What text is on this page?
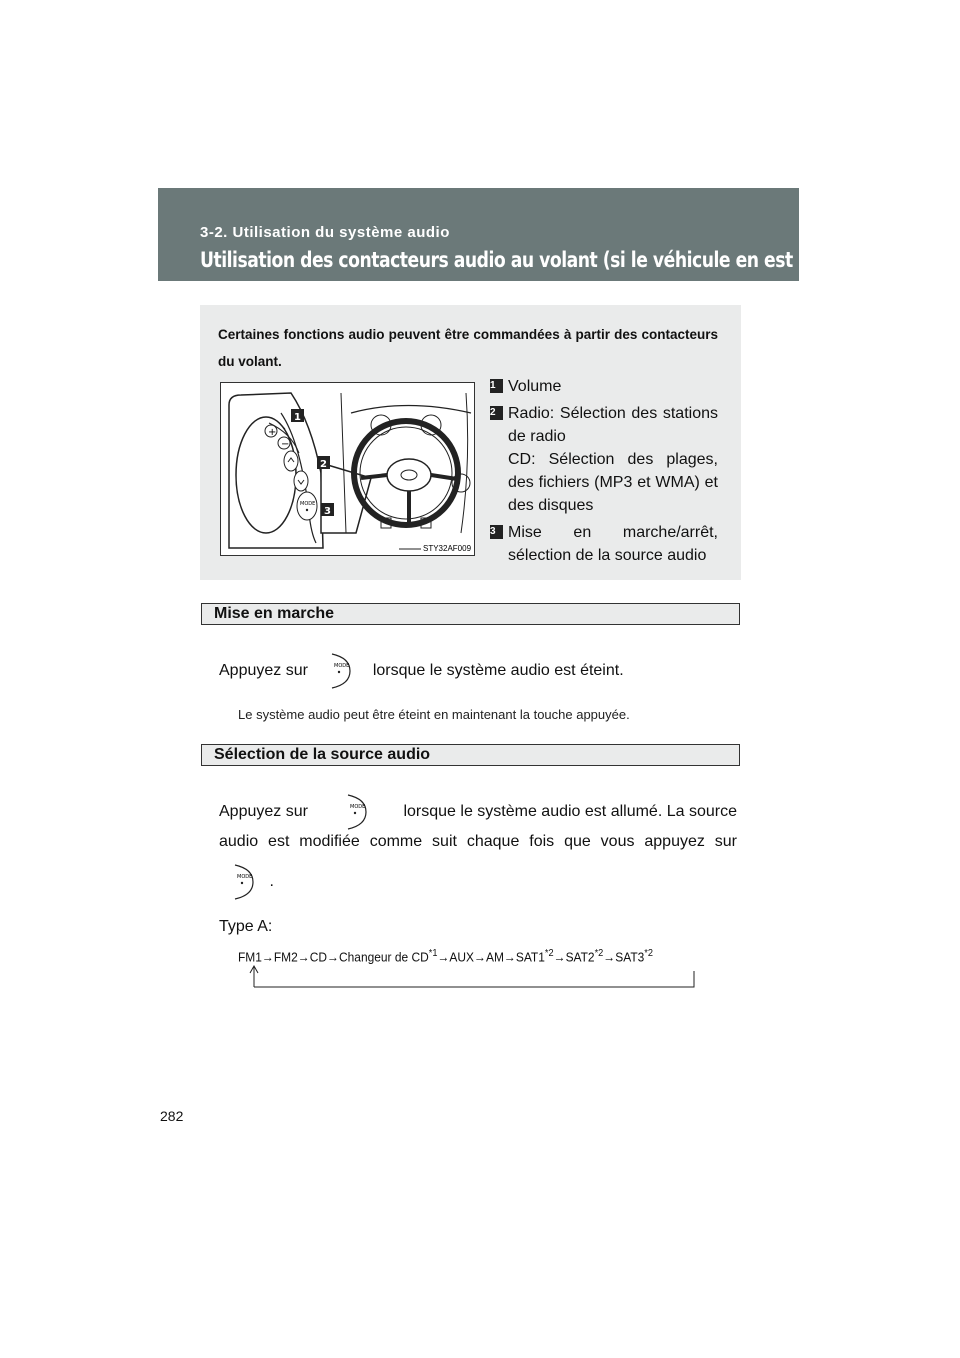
3-2. Utilisation du système audio
Utilisation des contacteurs audio au volant (si le véhicule en est doté)
Certaines fonctions audio peuvent être commandées à partir des contacteurs du volant.
+
−
MODE
1
2
3
STY32AF009
1 Volume
2 Radio: Sélection des stations de radio
CD: Sélection des plages, des fichiers (MP3 et WMA) et des disques
3 Mise en marche/arrêt, sélection de la source audio
Mise en marche
Appuyez sur	MODE lorsque le système audio est éteint.
Le système audio peut être éteint en maintenant la touche appuyée.
Sélection de la source audio
Appuyez sur	MODE lorsque le système audio est allumé. La source
audio est modifiée comme suit chaque fois que vous appuyez sur
MODE .
Type A:
FM1→FM2→CD→Changeur de $CD^{*1}\to AUX\to AM\to SAT1^{*2}\to SAT2^{*2}\to SAT3^{*2}$
282
